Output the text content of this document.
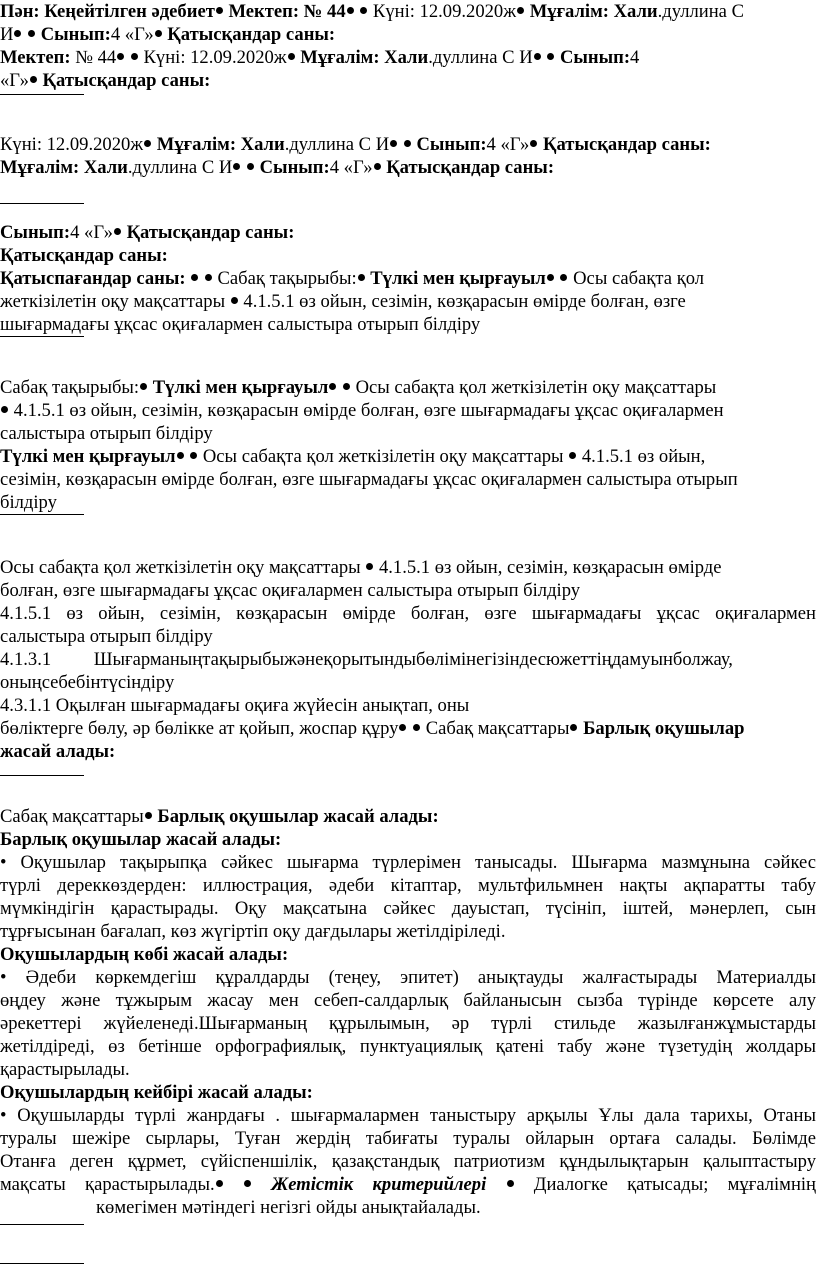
Пән: Кеңейтілген әдебиет Мектеп: № 44  Күні: 12.09.2020ж Мұғалім: Хали.дуллина С
И  Сынып:4 «Г» Қатысқандар саны:
Мектеп: № 44  Күні: 12.09.2020ж Мұғалім: Хали.дуллина С И  Сынып:4
«Г» Қатысқандар саны:
Күні: 12.09.2020ж Мұғалім: Хали.дуллина С И  Сынып:4 «Г» Қатысқандар саны:
Мұғалім: Хали.дуллина С И  Сынып:4 «Г» Қатысқандар саны:
Сынып:4 «Г» Қатысқандар саны:
Қатысқандар саны:
Қатыспағандар саны:   Сабақ тақырыбы: Түлкі мен қырғауыл  Осы сабақта қол
жеткізілетін оқу мақсаттары  4.1.5.1 өз ойын, сезімін, көзқарасын өмірде болған, өзге
шығармадағы ұқсас оқиғалармен салыстыра отырып білдіру
Сабақ тақырыбы: Түлкі мен қырғауыл  Осы сабақта қол жеткізілетін оқу мақсаттары
4.1.5.1 өз ойын, сезімін, көзқарасын өмірде болған, өзге шығармадағы ұқсас оқиғалармен
салыстыра отырып білдіру
Түлкі мен қырғауыл  Осы сабақта қол жеткізілетін оқу мақсаттары  4.1.5.1 өз ойын,
сезімін, көзқарасын өмірде болған, өзге шығармадағы ұқсас оқиғалармен салыстыра отырып
білдіру
Осы сабақта қол жеткізілетін оқу мақсаттары  4.1.5.1 өз ойын, сезімін, көзқарасын өмірде
болған, өзге шығармадағы ұқсас оқиғалармен салыстыра отырып білдіру
4.1.5.1 өз ойын, сезімін, көзқарасын өмірде болған, өзге шығармадағы ұқсас оқиғалармен
салыстыра отырып білдіру
4.1.3.1 Шығарманыңтақырыбыжәнеқорытындыбөлімінегізіндесюжеттіңдамуынболжау,
оныңсебебінтүсіндіру
4.3.1.1 Оқылған шығармадағы оқиға жүйесін анықтап, оны
бөліктерге бөлу, әр бөлікке ат қойып, жоспар құру  Сабақ мақсаттары Барлық оқушылар
жасай алады:
Сабақ мақсаттары Барлық оқушылар жасай алады:
Барлық оқушылар жасай алады:
• Оқушылар тақырыпқа сәйкес шығарма түрлерімен танысады. Шығарма мазмұнына сәйкес
түрлі дереккөздерден: иллюстрация, әдеби кітаптар, мультфильмнен нақты ақпаратты табу
мүмкіндігін қарастырады. Оқу мақсатына сәйкес дауыстап, түсініп, іштей, мәнерлеп, сын
тұрғысынан бағалап, көз жүгіртіп оқу дағдылары жетілдіріледі.
Оқушылардың көбі жасай алады:
• Әдеби көркемдегіш құралдарды (теңеу, эпитет) анықтауды жалғастырады Материалды
өңдеу және тұжырым жасау мен себеп-салдарлық байланысын сызба түрінде көрсете алу
әрекеттері жүйеленеді.Шығарманың құрылымын, әр түрлі стильде жазылғанжұмыстарды
жетілдіреді, өз бетінше орфографиялық, пунктуациялық қатені табу және түзетудің жолдары
қарастырылады.
Оқушылардың кейбірі жасай алады:
• Оқушыларды түрлі жанрдағы . шығармалармен таныстыру арқылы Ұлы дала тарихы, Отаны
туралы шежіре сырлары, Туған жердің табиғаты туралы ойларын ортаға салады. Бөлімде
Отанға деген құрмет, сүйіспеншілік, қазақстандық патриотизм құндылықтарын қалыптастыру
мақсаты қарастырылады.  Жетістік критерийлері  Диалогке қатысады; мұғалімнің
көмегімен мәтіндегі негізгі ойды анықтайалады.
